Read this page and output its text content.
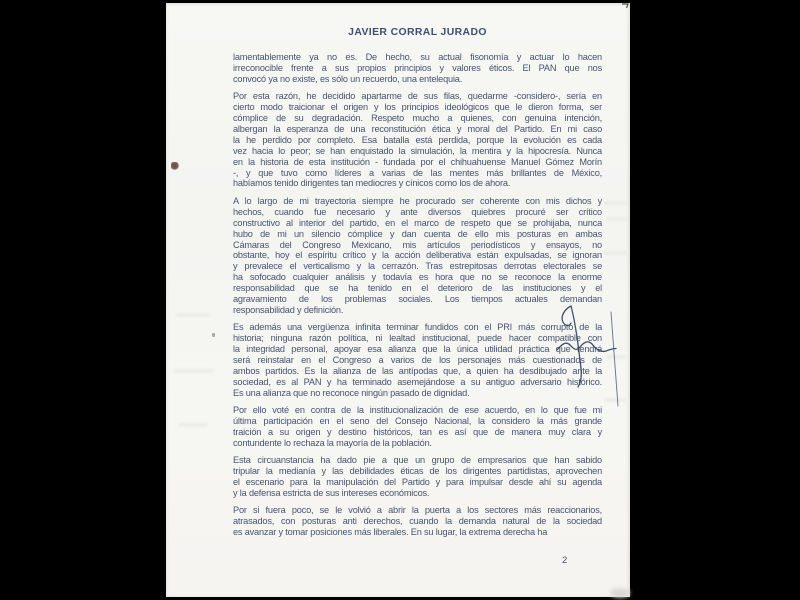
JAVIER CORRAL JURADO
lamentablemente ya no es. De hecho, su actual fisonomía y actuar lo hacen
irreconocible frente a sus propios principios y valores éticos. El PAN que nos
convocó ya no existe, es sólo un recuerdo, una entelequia.
Por esta razón, he decidido apartarme de sus filas, quedarme -considero-, sería en
cierto modo traicionar el origen y los principios ideológicos que le dieron forma, ser
cómplice de su degradación. Respeto mucho a quienes, con genuina intención,
albergan la esperanza de una reconstitución ética y moral del Partido. En mi caso
la he perdido por completo. Esa batalla está perdida, porque la evolución es cada
vez hacia lo peor; se han enquistado la simulación, la mentira y la hipocresía. Nunca
en la historia de esta institución - fundada por el chihuahuense Manuel Gómez Morín
-, y que tuvo como líderes a varias de las mentes más brillantes de México,
habíamos tenido dirigentes tan mediocres y cínicos como los de ahora.
A lo largo de mi trayectoria siempre he procurado ser coherente con mis dichos y
hechos, cuando fue necesario y ante diversos quiebres procuré ser crítico
constructivo al interior del partido, en el marco de respeto que se prohijaba, nunca
hubo de mi un silencio cómplice y dan cuenta de ello mis posturas en ambas
Cámaras del Congreso Mexicano, mis artículos periodísticos y ensayos, no
obstante, hoy el espíritu crítico y la acción deliberativa están expulsadas, se ignoran
y prevalece el verticalismo y la cerrazón. Tras estrepitosas derrotas electorales se
ha sofocado cualquier análisis y todavía es hora que no se reconoce la enorme
responsabilidad que se ha tenido en el deterioro de las instituciones y el
agravamiento de los problemas sociales. Los tiempos actuales demandan
responsabilidad y definición.
Es además una vergüenza infinita terminar fundidos con el PRI más corrupto de la
historia; ninguna razón política, ni lealtad institucional, puede hacer compatible con
la integridad personal, apoyar esa alianza que la única utilidad práctica que tendrá
será reinstalar en el Congreso a varios de los personajes más cuestionados de
ambos partidos. Es la alianza de las antípodas que, a quien ha desdibujado ante la
sociedad, es al PAN y ha terminado asemejándose a su antiguo adversario histórico.
Es una alianza que no reconoce ningún pasado de dignidad.
Por ello voté en contra de la institucionalización de ese acuerdo, en lo que fue mi
última participación en el seno del Consejo Nacional, la considero la más grande
traición a su origen y destino históricos, tan es así que de manera muy clara y
contundente lo rechaza la mayoría de la población.
Esta circuanstancia ha dado pie a que un grupo de empresarios que han sabido
tripular la medianía y las debilidades éticas de los dirigentes partidistas, aprovechen
el escenario para la manipulación del Partido y para impulsar desde ahí su agenda
y la defensa estricta de sus intereses económicos.
Por si fuera poco, se le volvió a abrir la puerta a los sectores más reaccionarios,
atrasados, con posturas anti derechos, cuando la demanda natural de la sociedad
es avanzar y tomar posiciones más liberales. En su lugar, la extrema derecha ha
2
